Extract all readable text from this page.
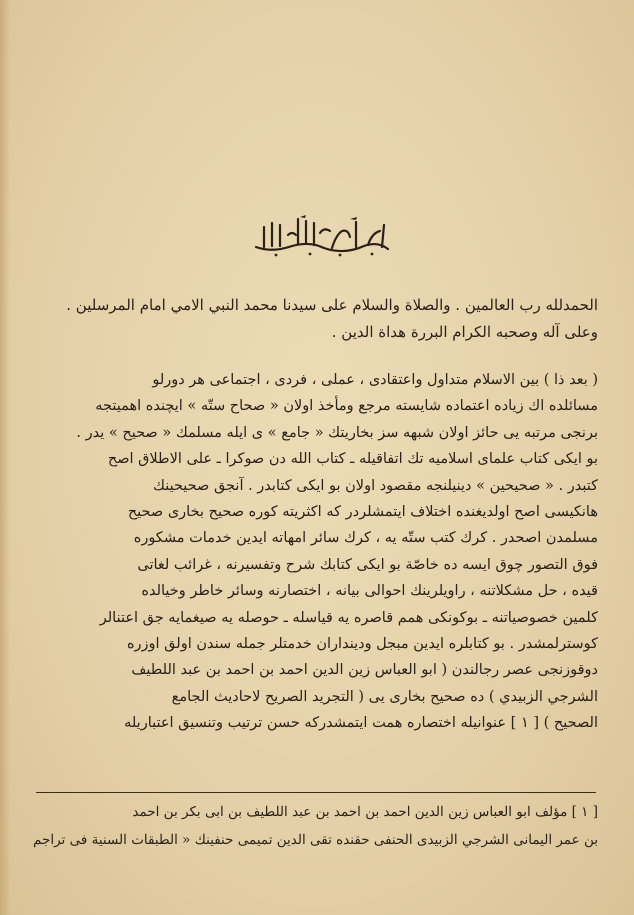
الحمدلله رب العالمين . والصلاة والسلام على سيدنا محمد النبي الامي امام المرسلين .
وعلى آله وصحبه الكرام البررة هداة الدين .
( بعد ذا ) بين الاسلام متداول واعتقادى ، عملى ، فردى ، اجتماعى هر دورلو
مسائلده اك زياده اعتماده شايسته مرجع ومأخذ اولان « صحاح ستّه » ايچنده اهميتجه
برنجى مرتبه يى حائز اولان شبهه سز بخاريتك « جامع » ى ايله مسلمك « صحيح » يدر .
بو ايكى كتاب علماى اسلاميه تك اتفاقيله ـ كتاب الله دن صوكرا ـ على الاطلاق اصح
كتبدر . « صحيحين » دينيلنجه مقصود اولان بو ايكى كتابدر . آنجق صحيحينك
هانكيسى اصح اولديغنده اختلاف ايتمشلردر كه اكثريته كوره صحيح بخارى صحيح
مسلمدن اصحدر . كرك كتب ستّه يه ، كرك سائر امهاته ايدين خدمات مشكوره
فوق التصور چوق ايسه ده خاصّة بو ايكى كتابك شرح وتفسيرنه ، غرائب لغاتى
قيده ، حل مشكلاتنه ، راويلرينك احوالى بيانه ، اختصارنه وسائر خاطر وخيالده
كلمين خصوصياتنه ـ بوكونكى همم قاصره يه قياسله ـ حوصله يه صيغمايه جق اعتنالر
كوسترلمشدر . بو كتابلره ايدين مبجل ودينداران خدمتلر جمله سندن اولق اوزره
دوقوزنجى عصر رجالندن ( ابو العباس زين الدين احمد بن احمد بن عبد اللطيف
الشرجي الزبيدي ) ده صحيح بخارى يى ( التجريد الصريح لاحاديث الجامع
الصحيح ) [ ١ ] عنوانيله اختصاره همت ايتمشدركه حسن ترتيب وتنسيق اعتباريله
[ ١ ] مؤلف ابو العباس زين الدين احمد بن احمد بن عبد اللطيف بن ابى بكر بن احمد
بن عمر اليمانى الشرجي الزبيدى الحنفى حقنده تقى الدين تميمى حنفينك « الطبقات السنية فى تراجم
